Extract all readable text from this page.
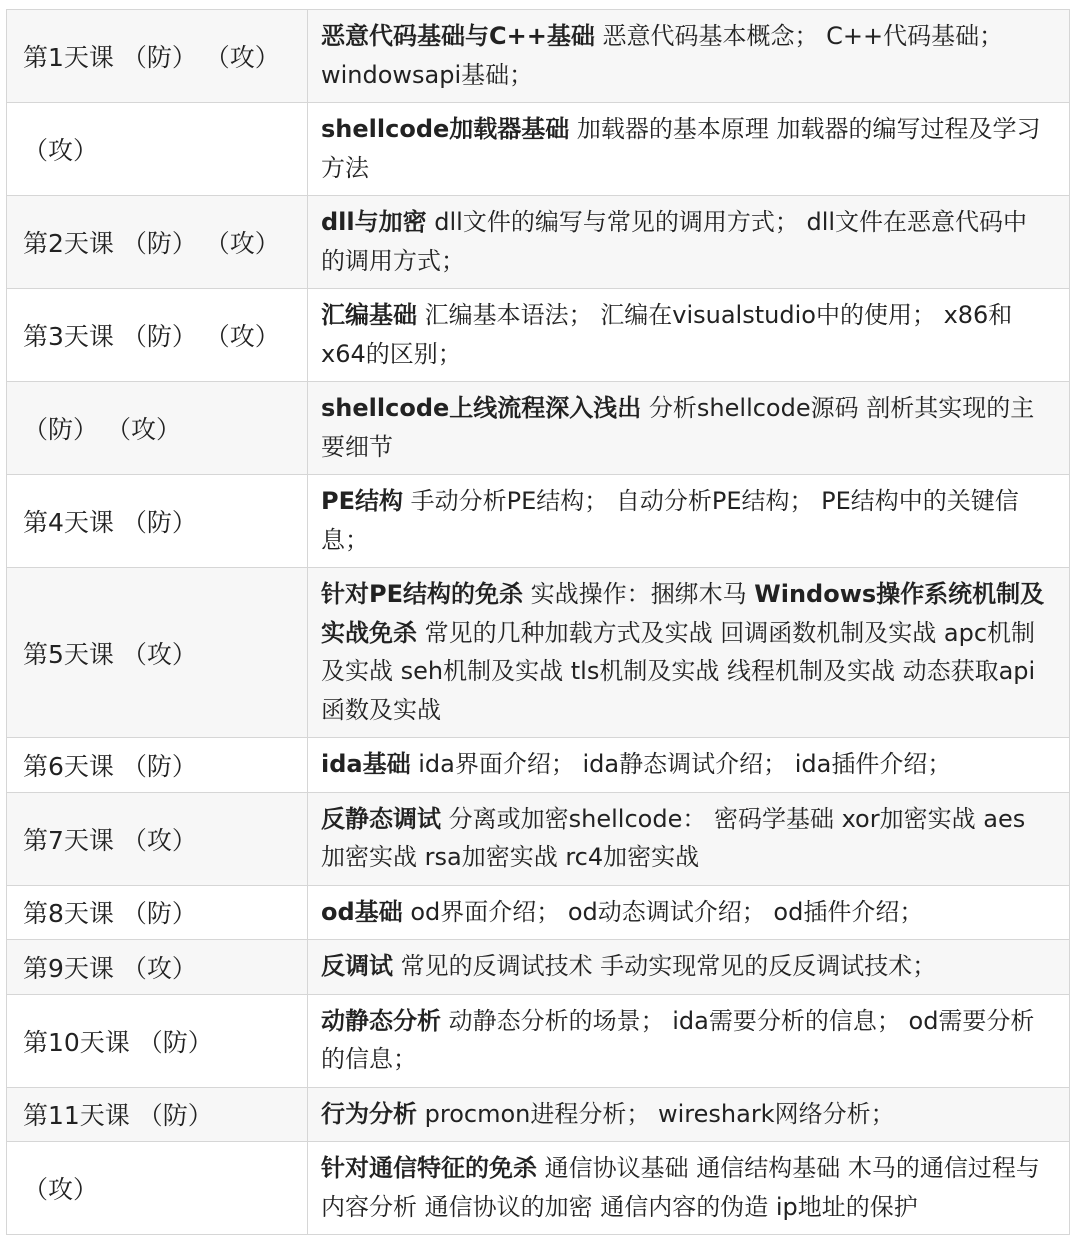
第1天课 （防） （攻）	恶意代码基础与C++基础 恶意代码基本概念； C++代码基础； windowsapi基础；
（攻）	shellcode加载器基础 加载器的基本原理 加载器的编写过程及学习方法
第2天课 （防） （攻）	dll与加密 dll文件的编写与常见的调用方式； dll文件在恶意代码中的调用方式；
第3天课 （防） （攻）	汇编基础 汇编基本语法； 汇编在visualstudio中的使用； x86和x64的区别；
（防） （攻）	shellcode上线流程深入浅出 分析shellcode源码 剖析其实现的主要细节
第4天课 （防）	PE结构 手动分析PE结构； 自动分析PE结构； PE结构中的关键信息；
第5天课 （攻）	针对PE结构的免杀 实战操作：捆绑木马 Windows操作系统机制及实战免杀 常见的几种加载方式及实战 回调函数机制及实战 apc机制及实战 seh机制及实战 tls机制及实战 线程机制及实战 动态获取api函数及实战
第6天课 （防）	ida基础 ida界面介绍； ida静态调试介绍； ida插件介绍；
第7天课 （攻）	反静态调试 分离或加密shellcode： 密码学基础 xor加密实战 aes加密实战 rsa加密实战 rc4加密实战
第8天课 （防）	od基础 od界面介绍； od动态调试介绍； od插件介绍；
第9天课 （攻）	反调试 常见的反调试技术 手动实现常见的反反调试技术；
第10天课 （防）	动静态分析 动静态分析的场景； ida需要分析的信息； od需要分析的信息；
第11天课 （防）	行为分析 procmon进程分析； wireshark网络分析；
（攻）	针对通信特征的免杀 通信协议基础 通信结构基础 木马的通信过程与内容分析 通信协议的加密 通信内容的伪造 ip地址的保护
